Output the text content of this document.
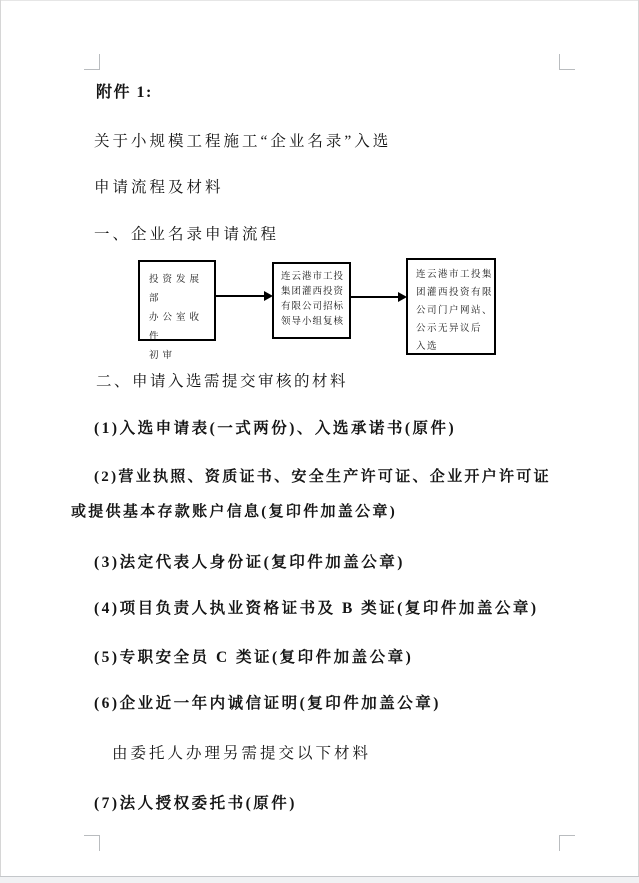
附件 1:
关于小规模工程施工“企业名录”入选
申请流程及材料
一、企业名录申请流程
投资发展部
办公室收件
初审
连云港市工投
集团灌西投资
有限公司招标
领导小组复核
连云港市工投集
团灌西投资有限
公司门户网站、
公示无异议后
入选
二、申请入选需提交审核的材料
(1)入选申请表(一式两份)、入选承诺书(原件)
(2)营业执照、资质证书、安全生产许可证、企业开户许可证或提供基本存款账户信息(复印件加盖公章)
(3)法定代表人身份证(复印件加盖公章)
(4)项目负责人执业资格证书及 B 类证(复印件加盖公章)
(5)专职安全员 C 类证(复印件加盖公章)
(6)企业近一年内诚信证明(复印件加盖公章)
由委托人办理另需提交以下材料
(7)法人授权委托书(原件)
